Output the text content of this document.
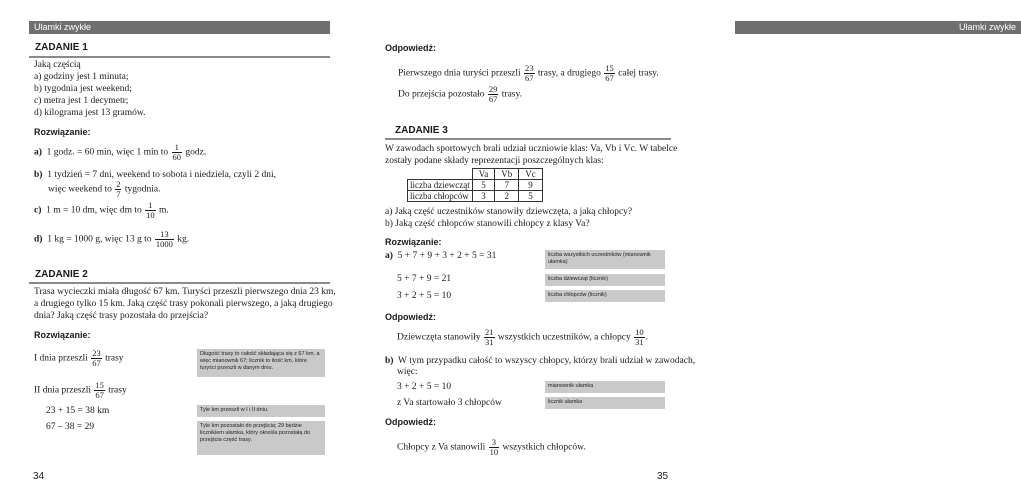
Ułamki zwykłe
ZADANIE 1
Jaką częścią
a) godziny jest 1 minuta;
b) tygodnia jest weekend;
c) metra jest 1 decymetr;
d) kilograma jest 13 gramów.
Rozwiązanie:
a) 1 godz. = 60 min, więc 1 min to $\frac{1}{60}$ godz.
b) 1 tydzień = 7 dni, weekend to sobota i niedziela, czyli 2 dni,
więc weekend to $\frac{2}{7}$ tygodnia.
c) 1 m = 10 dm, więc dm to $\frac{1}{10} m$.
d) 1 kg = 1000 g, więc 13 g to $\frac{13}{1000}$ kg.
ZADANIE 2
Trasa wycieczki miała długość 67 km. Turyści przeszli pierwszego dnia 23 km,
a drugiego tylko 15 km. Jaką część trasy pokonali pierwszego, a jaką drugiego
dnia? Jaką część trasy pozostała do przejścia?
Rozwiązanie:
I dnia przeszli $\frac{23}{67}$ trasy
II dnia przeszli $\frac{15}{67}$ trasy
23 + 15 = 38 km
67 – 38 = 29
Długość trasy to całość składająca się z 67 km, a więc mianownik 67; licznik to ilość km, które turyści przeszli w danym dniu.
Tyle km przeszli w I i II dniu.
Tyle km pozostało do przejścia; 29 będzie licznikiem ułamka, który określa pozostałą do przejścia część trasy.
34
Ułamki zwykłe
Odpowiedź:
Pierwszego dnia turyści przeszli $\frac{23}{67}$ trasy, a drugiego $\frac{15}{67}$ całej trasy.
Do przejścia pozostało $\frac{29}{67}$ trasy.
ZADANIE 3
W zawodach sportowych brali udział uczniowie klas: Va, Vb i Vc. W tabelce
zostały podane składy reprezentacji poszczególnych klas:
	Va	Vb	Vc
liczba dziewcząt	5	7	9
liczba chłopców	3	2	5
a) Jaką część uczestników stanowiły dziewczęta, a jaką chłopcy?
b) Jaką część chłopców stanowili chłopcy z klasy Va?
Rozwiązanie:
a) 5 + 7 + 9 + 3 + 2 + 5 = 31
5 + 7 + 9 = 21
3 + 2 + 5 = 10
liczba wszystkich uczestników (mianownik ułamka)
liczba dziewcząt (licznik)
liczba chłopców (licznik)
Odpowiedź:
Dziewczęta stanowiły $\frac{21}{31}$ wszystkich uczestników, a chłopcy $\frac{10}{31}$ .
b) W tym przypadku całość to wszyscy chłopcy, którzy brali udział w zawodach,
więc:
3 + 2 + 5 = 10
z Va startowało 3 chłopców
mianownik ułamka
licznik ułamka
Odpowiedź:
Chłopcy z Va stanowili $\frac{3}{10}$ wszystkich chłopców.
35
